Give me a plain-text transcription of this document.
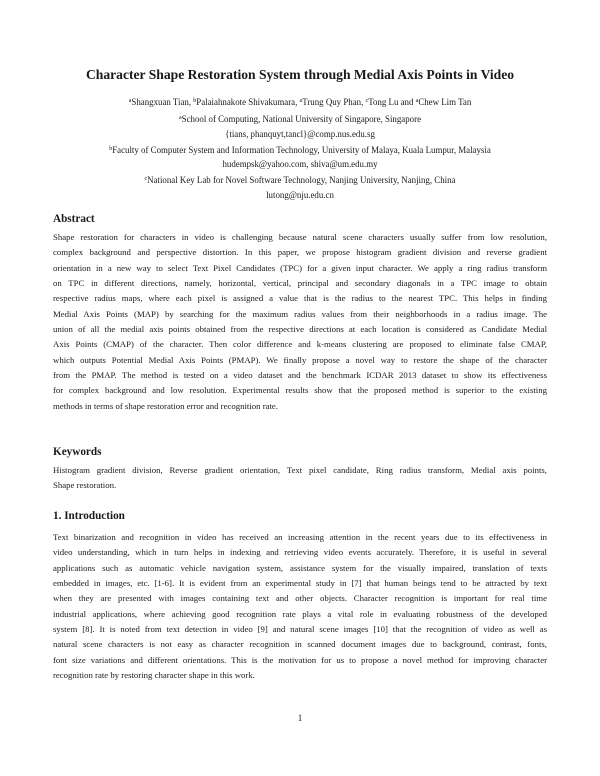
Character Shape Restoration System through Medial Axis Points in Video
$^a$Shangxuan Tian, $^b$Palaiahnakote Shivakumara, $^a$Trung Quy Phan, $^c$Tong Lu and $^a$Chew Lim Tan
$^a$School of Computing, National University of Singapore, Singapore
{tians, phanquyt,tancl}@comp.nus.edu.sg
$^b$Faculty of Computer System and Information Technology, University of Malaya, Kuala Lumpur, Malaysia
hudempsk@yahoo.com, shiva@um.edu.my
$^c$National Key Lab for Novel Software Technology, Nanjing University, Nanjing, China
lutong@nju.edu.cn
Abstract
Shape restoration for characters in video is challenging because natural scene characters usually suffer from low resolution,
complex background and perspective distortion. In this paper, we propose histogram gradient division and reverse gradient
orientation in a new way to select Text Pixel Candidates (TPC) for a given input character. We apply a ring radius transform
on TPC in different directions, namely, horizontal, vertical, principal and secondary diagonals in a TPC image to obtain
respective radius maps, where each pixel is assigned a value that is the radius to the nearest TPC. This helps in finding
Medial Axis Points (MAP) by searching for the maximum radius values from their neighborhoods in a radius image. The
union of all the medial axis points obtained from the respective directions at each location is considered as Candidate Medial
Axis Points (CMAP) of the character. Then color difference and k-means clustering are proposed to eliminate false CMAP,
which outputs Potential Medial Axis Points (PMAP). We finally propose a novel way to restore the shape of the character
from the PMAP. The method is tested on a video dataset and the benchmark ICDAR 2013 dataset to show its effectiveness
for complex background and low resolution. Experimental results show that the proposed method is superior to the existing
methods in terms of shape restoration error and recognition rate.
Keywords
Histogram gradient division, Reverse gradient orientation, Text pixel candidate, Ring radius transform, Medial axis points,
Shape restoration.
1. Introduction
Text binarization and recognition in video has received an increasing attention in the recent years due to its effectiveness in
video understanding, which in turn helps in indexing and retrieving video events accurately. Therefore, it is useful in several
applications such as automatic vehicle navigation system, assistance system for the visually impaired, translation of texts
embedded in images, etc. [1-6]. It is evident from an experimental study in [7] that human beings tend to be attracted by text
when they are presented with images containing text and other objects. Character recognition is important for real time
industrial applications, where achieving good recognition rate plays a vital role in evaluating robustness of the developed
system [8]. It is noted from text detection in video [9] and natural scene images [10] that the recognition of video as well as
natural scene characters is not easy as character recognition in scanned document images due to background, contrast, fonts,
font size variations and different orientations. This is the motivation for us to propose a novel method for improving character
recognition rate by restoring character shape in this work.
1
